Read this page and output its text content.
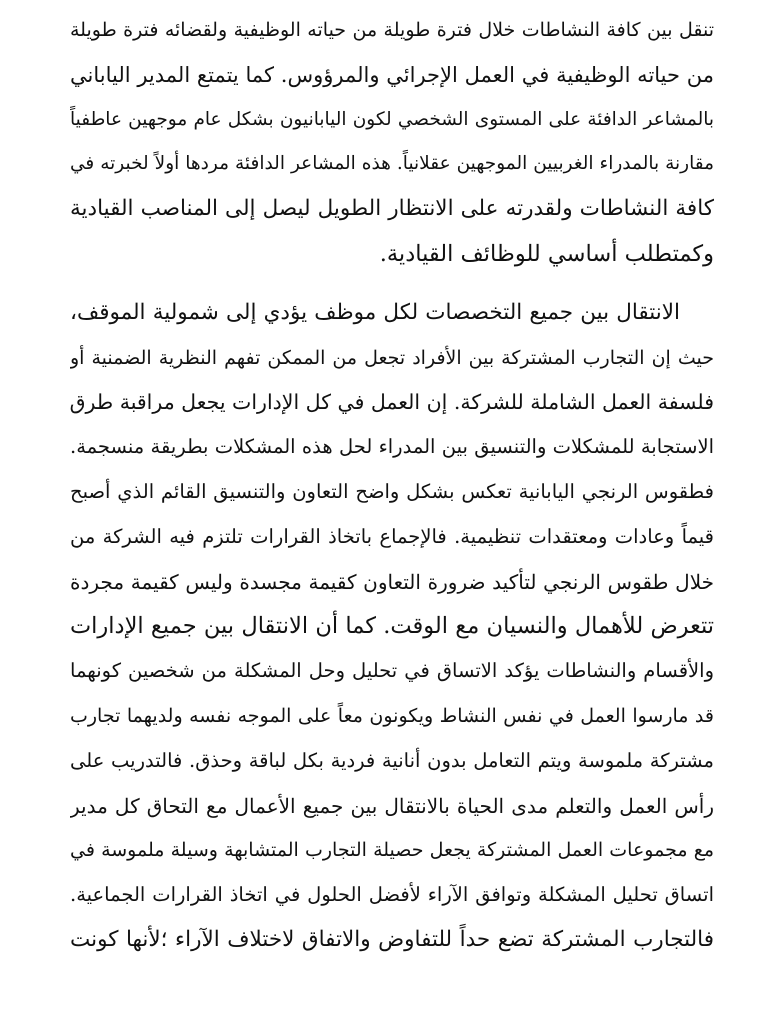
تنقل بين كافة النشاطات خلال فترة طويلة من حياته الوظيفية ولقضائه فترة طويلة
من حياته الوظيفية في العمل الإجرائي والمرؤوس. كما يتمتع المدير الياباني
بالمشاعر الدافئة على المستوى الشخصي لكون اليابانيون بشكل عام موجهين عاطفياً
مقارنة بالمدراء الغربيين الموجهين عقلانياً. هذه المشاعر الدافئة مردها أولاً لخبرته في
كافة النشاطات ولقدرته على الانتظار الطويل ليصل إلى المناصب القيادية
وكمتطلب أساسي للوظائف القيادية.

الانتقال بين جميع التخصصات لكل موظف يؤدي إلى شمولية الموقف،
حيث إن التجارب المشتركة بين الأفراد تجعل من الممكن تفهم النظرية الضمنية أو
فلسفة العمل الشاملة للشركة. إن العمل في كل الإدارات يجعل مراقبة طرق
الاستجابة للمشكلات والتنسيق بين المدراء لحل هذه المشكلات بطريقة منسجمة.
فطقوس الرنجي اليابانية تعكس بشكل واضح التعاون والتنسيق القائم الذي أصبح
قيماً وعادات ومعتقدات تنظيمية. فالإجماع باتخاذ القرارات تلتزم فيه الشركة من
خلال طقوس الرنجي لتأكيد ضرورة التعاون كقيمة مجسدة وليس كقيمة مجردة
تتعرض للأهمال والنسيان مع الوقت. كما أن الانتقال بين جميع الإدارات
والأقسام والنشاطات يؤكد الاتساق في تحليل وحل المشكلة من شخصين كونهما
قد مارسوا العمل في نفس النشاط ويكونون معاً على الموجه نفسه ولديهما تجارب
مشتركة ملموسة ويتم التعامل بدون أنانية فردية بكل لباقة وحذق. فالتدريب على
رأس العمل والتعلم مدى الحياة بالانتقال بين جميع الأعمال مع التحاق كل مدير
مع مجموعات العمل المشتركة يجعل حصيلة التجارب المتشابهة وسيلة ملموسة في
اتساق تحليل المشكلة وتوافق الآراء لأفضل الحلول في اتخاذ القرارات الجماعية.
فالتجارب المشتركة تضع حداً للتفاوض والاتفاق لاختلاف الآراء ؛لأنها كونت
